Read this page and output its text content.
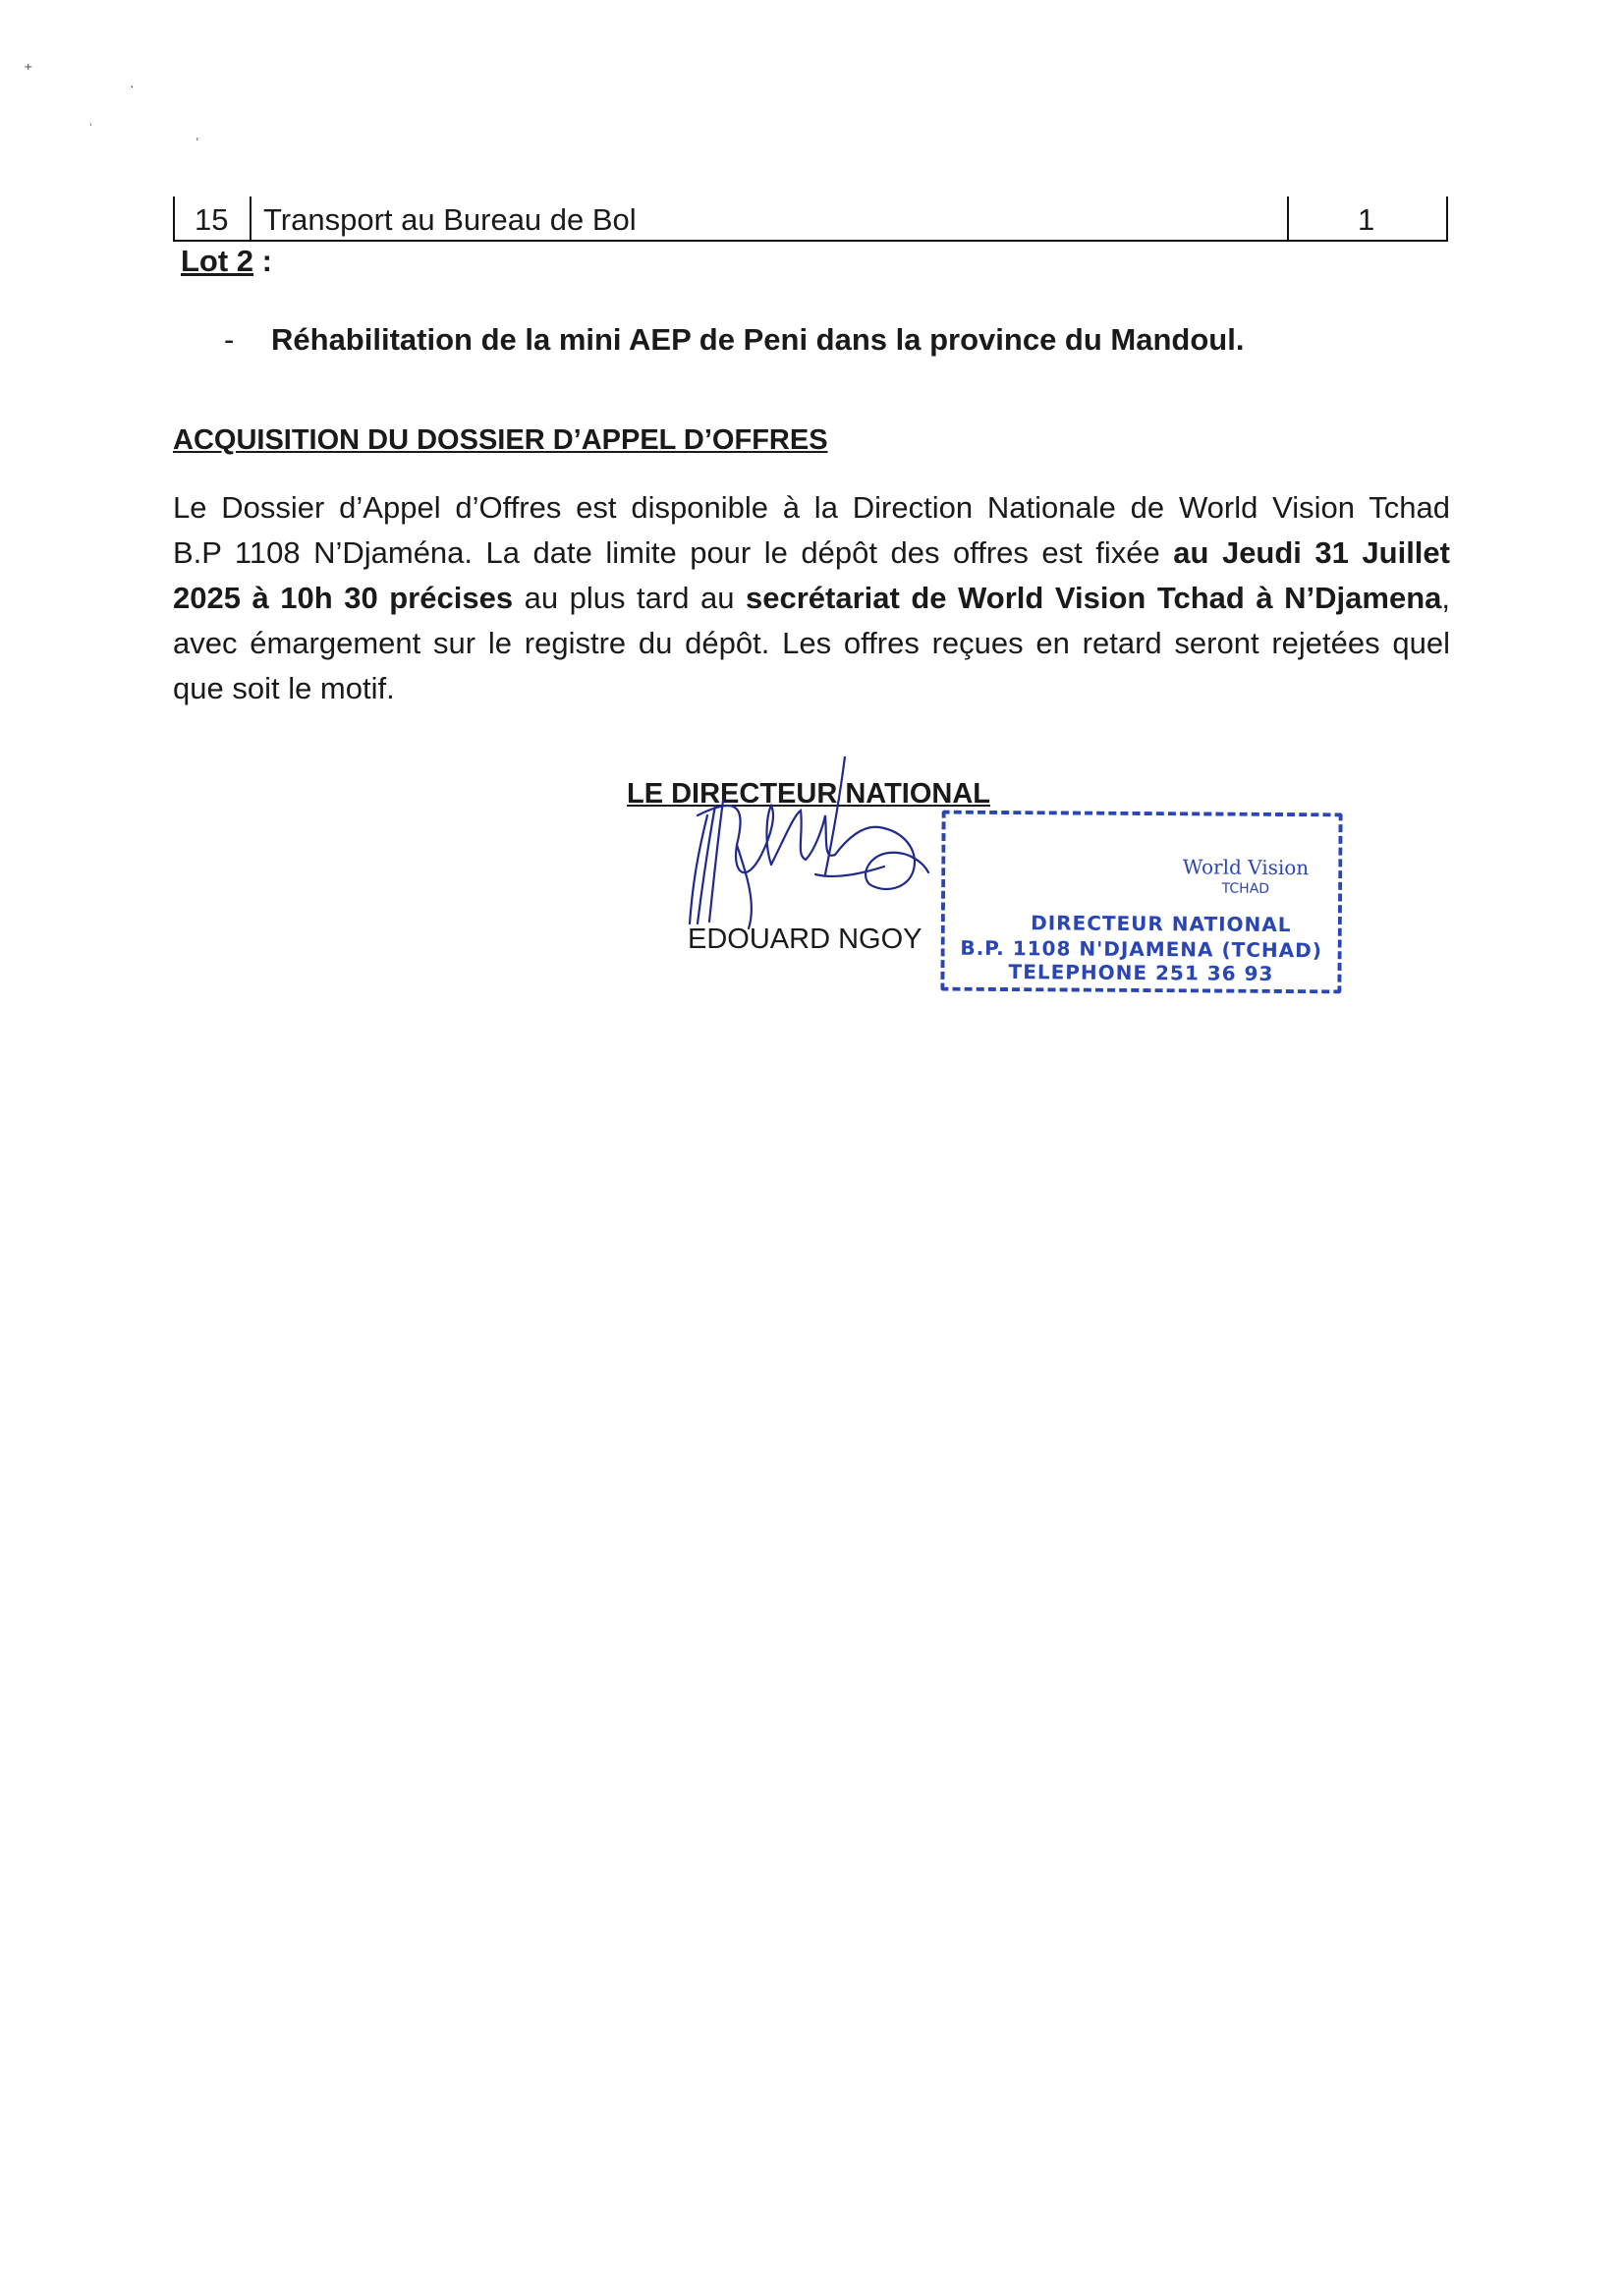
⁺
·
ʾ
ʿ
15 Transport au Bureau de Bol	1
Lot 2 :
- Réhabilitation de la mini AEP de Peni dans la province du Mandoul.
ACQUISITION DU DOSSIER D’APPEL D’OFFRES
Le Dossier d’Appel d’Offres est disponible à la Direction Nationale de World Vision Tchad
B.P 1108 N’Djaména. La date limite pour le dépôt des offres est fixée au Jeudi 31 Juillet
2025 à 10h 30 précises au plus tard au secrétariat de World Vision Tchad à N’Djamena,
avec émargement sur le registre du dépôt. Les offres reçues en retard seront rejetées quel
que soit le motif.
LE DIRECTEUR NATIONAL
EDOUARD NGOY
World Vision
TCHAD
DIRECTEUR NATIONAL
B.P. 1108 N'DJAMENA (TCHAD)
TELEPHONE 251 36 93
